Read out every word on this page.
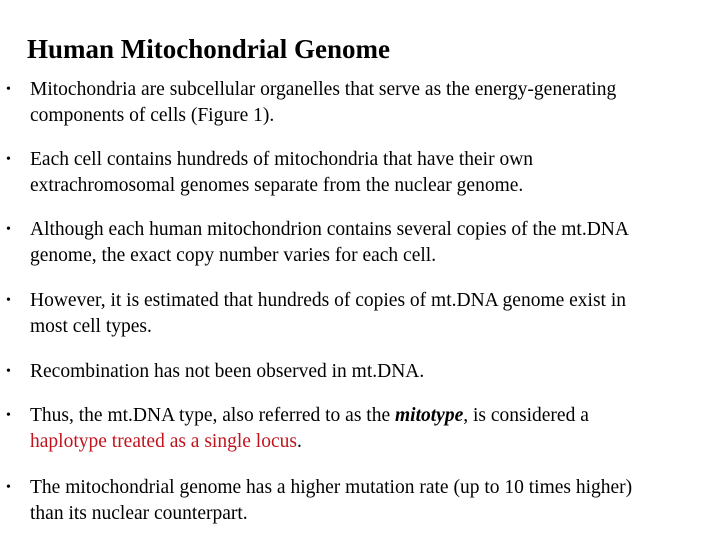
Human Mitochondrial Genome
• Mitochondria are subcellular organelles that serve as the energy-generating
components of cells (Figure 1).
• Each cell contains hundreds of mitochondria that have their own
extrachromosomal genomes separate from the nuclear genome.
• Although each human mitochondrion contains several copies of the mt.DNA
genome, the exact copy number varies for each cell.
• However, it is estimated that hundreds of copies of mt.DNA genome exist in
most cell types.
• Recombination has not been observed in mt.DNA.
• Thus, the mt.DNA type, also referred to as the mitotype, is considered a
haplotype treated as a single locus.
• The mitochondrial genome has a higher mutation rate (up to 10 times higher)
than its nuclear counterpart.
